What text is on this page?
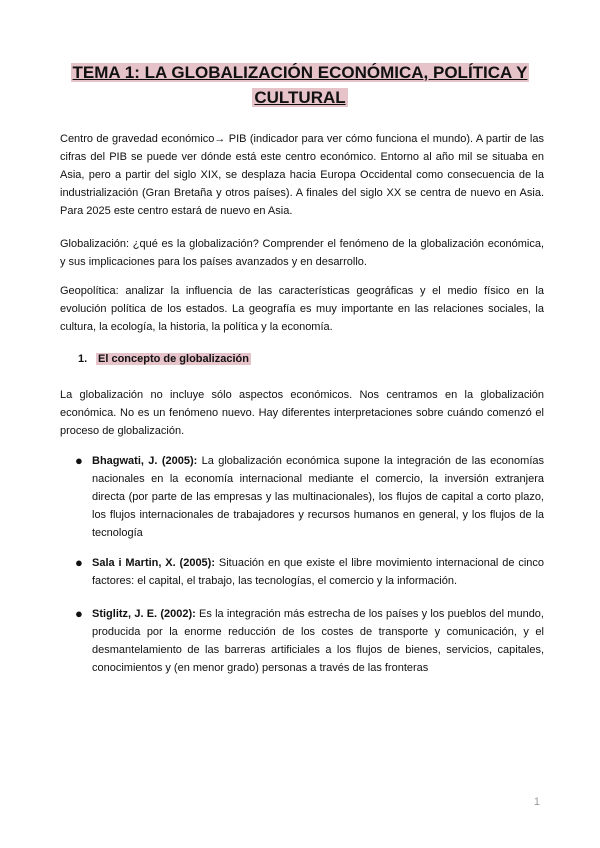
TEMA 1: LA GLOBALIZACIÓN ECONÓMICA, POLÍTICA Y
CULTURAL

Centro de gravedad económico→ PIB (indicador para ver cómo funciona el mundo). A partir de las cifras del PIB se puede ver dónde está este centro económico. Entorno al año mil se situaba en Asia, pero a partir del siglo XIX, se desplaza hacia Europa Occidental como consecuencia de la industrialización (Gran Bretaña y otros países). A finales del siglo XX se centra de nuevo en Asia. Para 2025 este centro estará de nuevo en Asia.

Globalización: ¿qué es la globalización? Comprender el fenómeno de la globalización económica, y sus implicaciones para los países avanzados y en desarrollo.

Geopolítica: analizar la influencia de las características geográficas y el medio físico en la evolución política de los estados. La geografía es muy importante en las relaciones sociales, la cultura, la ecología, la historia, la política y la economía.

1. El concepto de globalización

La globalización no incluye sólo aspectos económicos. Nos centramos en la globalización económica. No es un fenómeno nuevo. Hay diferentes interpretaciones sobre cuándo comenzó el proceso de globalización.

● Bhagwati, J. (2005): La globalización económica supone la integración de las economías nacionales en la economía internacional mediante el comercio, la inversión extranjera directa (por parte de las empresas y las multinacionales), los flujos de capital a corto plazo, los flujos internacionales de trabajadores y recursos humanos en general, y los flujos de la tecnología
● Sala i Martin, X. (2005): Situación en que existe el libre movimiento internacional de cinco factores: el capital, el trabajo, las tecnologías, el comercio y la información.
● Stiglitz, J. E. (2002): Es la integración más estrecha de los países y los pueblos del mundo, producida por la enorme reducción de los costes de transporte y comunicación, y el desmantelamiento de las barreras artificiales a los flujos de bienes, servicios, capitales, conocimientos y (en menor grado) personas a través de las fronteras
1
